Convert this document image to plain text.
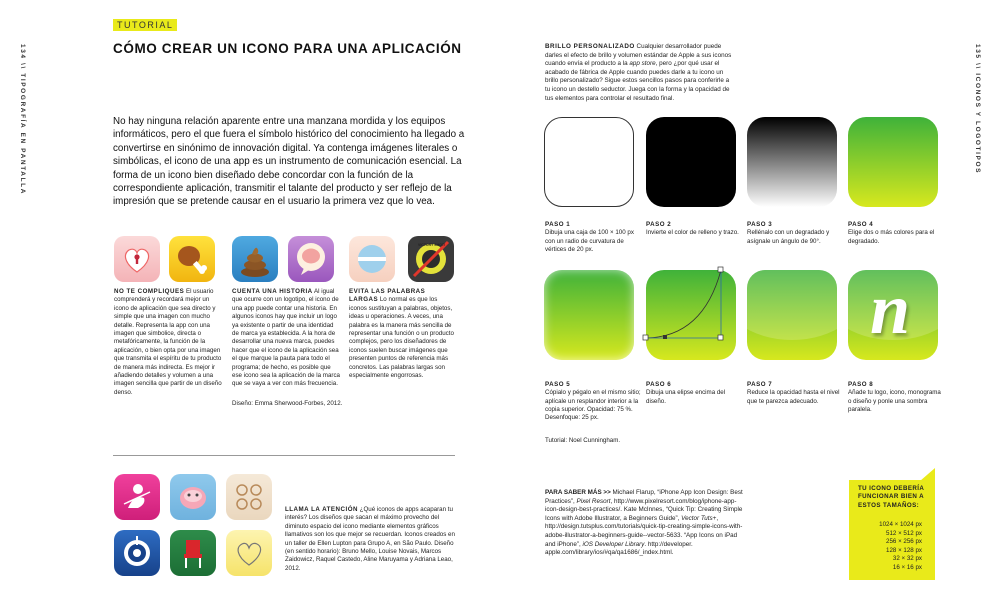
134 \\ TIPOGRAFÍA EN PANTALLA	135 \\ ICONOS Y LOGOTIPOS
TUTORIAL
CÓMO CREAR UN ICONO PARA UNA APLICACIÓN
No hay ninguna relación aparente entre una manzana mordida y los equipos informáticos, pero el que fuera el símbolo histórico del conocimiento ha llegado a convertirse en sinónimo de innovación digital. Ya contenga imágenes literales o simbólicas, el icono de una app es un instrumento de comunicación esencial. La forma de un icono bien diseñado debe concordar con la función de la correspondiente aplicación, transmitir el talante del producto y ser reflejo de la impresión que se pretende causar en el usuario la primera vez que lo vea.
VICTORY SHOT!
NO TE COMPLIQUES El usuario comprenderá y recordará mejor un icono de aplicación que sea directo y simple que una imagen con mucho detalle. Representa la app con una imagen que simbolice, directa o metafóricamente, la función de la aplicación, o bien opta por una imagen que transmita el espíritu de tu producto de manera más indirecta. Es mejor ir añadiendo detalles y volumen a una imagen sencilla que partir de un diseño denso.
CUENTA UNA HISTORIA Al igual que ocurre con un logotipo, el icono de una app puede contar una historia. En algunos iconos hay que incluir un logo ya existente o partir de una identidad de marca ya establecida. A la hora de desarrollar una nueva marca, puedes hacer que el icono de la aplicación sea el que marque la pauta para todo el programa; de hecho, es posible que ese icono sea la aplicación de la marca que se vaya a ver con más frecuencia.
EVITA LAS PALABRAS LARGAS Lo normal es que los iconos sustituyan a palabras, objetos, ideas u operaciones. A veces, una palabra es la manera más sencilla de representar una función o un producto complejos, pero los diseñadores de iconos suelen buscar imágenes que presenten puntos de referencia más concretos. Las palabras largas son especialmente engorrosas.
Diseño: Emma Sherwood-Forbes, 2012.
LLAMA LA ATENCIÓN ¿Qué iconos de apps acaparan tu interés? Los diseños que sacan el máximo provecho del diminuto espacio del icono mediante elementos gráficos llamativos son los que mejor se recuerdan. Iconos creados en un taller de Ellen Lupton para Grupo A, en São Paulo. Diseño (en sentido horario): Bruno Mello, Louise Novais, Marcos Zaidowicz, Raquel Castedo, Aline Maruyama y Adriana Leao, 2012.
BRILLO PERSONALIZADO Cualquier desarrollador puede darles el efecto de brillo y volumen estándar de Apple a sus iconos cuando envía el producto a la app store, pero ¿por qué usar el acabado de fábrica de Apple cuando puedes darle a tu icono un brillo personalizado? Sigue estos sencillos pasos para conferirle a tu icono un destello seductor. Juega con la forma y la opacidad de tus elementos para controlar el resultado final.
PASO 1
Dibuja una caja de 100 × 100 px con un radio de curvatura de vértices de 20 px.
PASO 2
Invierte el color de relleno y trazo.
PASO 3
Rellénalo con un degradado y asígnale un ángulo de 90°.
PASO 4
Elige dos o más colores para el degradado.
n
PASO 5
Cópialo y pégalo en el mismo sitio; aplícale un resplandor interior a la copia superior. Opacidad: 75 %. Desenfoque: 25 px.
PASO 6
Dibuja una elipse encima del diseño.
PASO 7
Reduce la opacidad hasta el nivel que te parezca adecuado.
PASO 8
Añade tu logo, icono, monograma o diseño y ponle una sombra paralela.
Tutorial: Noel Cunningham.
PARA SABER MÁS >> Michael Flarup, “iPhone App Icon Design: Best Practices”, Pixel Resort, http://www.pixelresort.com/blog/iphone-app-icon-design-best-practices/. Kate McInnes, “Quick Tip: Creating Simple Icons with Adobe Illustrator, a Beginners Guide”, Vector Tuts+, http://design.tutsplus.com/tutorials/quick-tip-creating-simple-icons-with-adobe-illustrator-a-beginners-guide--vector-5633. “App Icons on iPad and iPhone”, iOS Developer Library. http://developer. apple.com/library/ios/#qa/qa1686/_index.html.
TU ICONO DEBERÍA FUNCIONAR BIEN A ESTOS TAMAÑOS:
1024 × 1024 px
512 × 512 px
256 × 256 px
128 × 128 px
32 × 32 px
16 × 16 px
